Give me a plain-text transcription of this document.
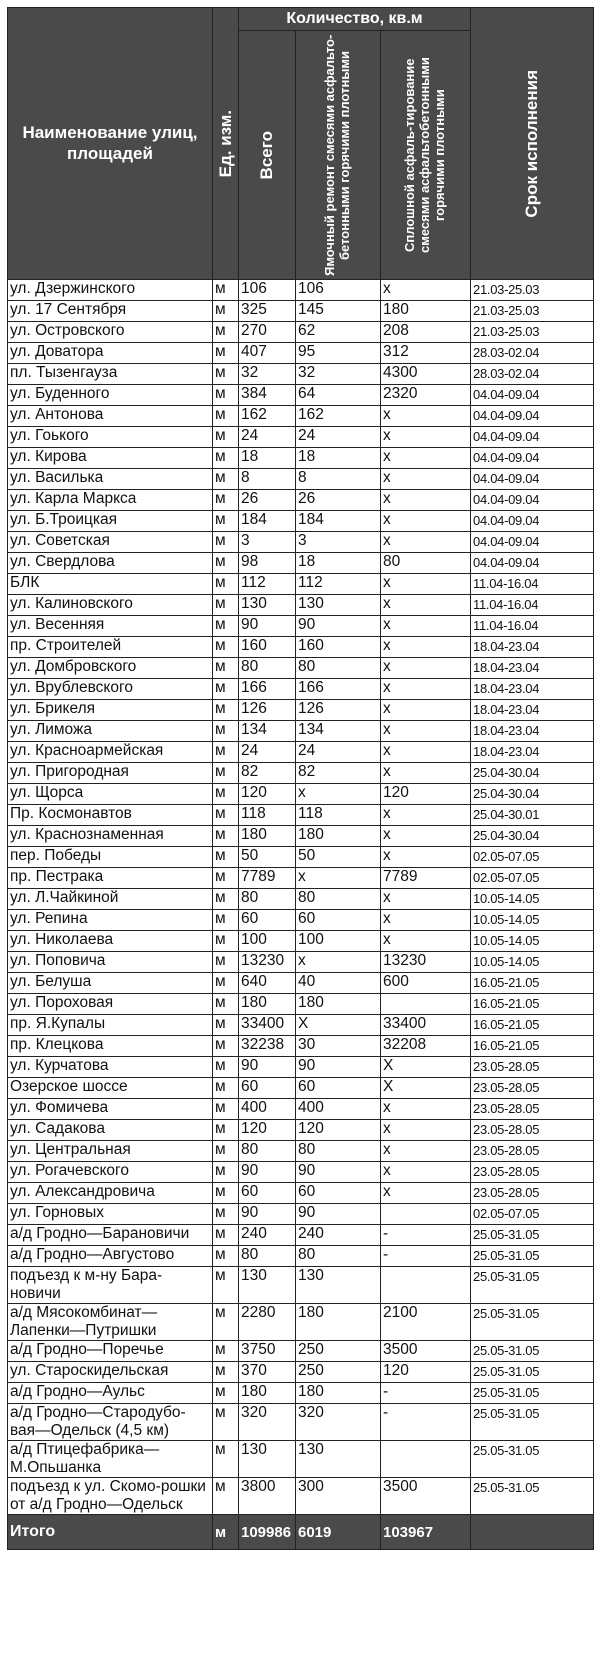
Наименование улиц, площадей	Ед. изм.	Количество, кв.м			Срок исполнения

		Всего	Ямочный ремонт смесями асфальто-бетонными горячими плотными	Сплошной асфаль-тирование смесями асфальтобетонными горячими плотными	

ул. Дзержинского	м	106	106	x	21.03-25.03
ул. 17 Сентября	м	325	145	180	21.03-25.03
ул. Островского	м	270	62	208	21.03-25.03
ул. Доватора	м	407	95	312	28.03-02.04
пл. Тызенгауза	м	32	32	4300	28.03-02.04
ул. Буденного	м	384	64	2320	04.04-09.04
ул. Антонова	м	162	162	x	04.04-09.04
ул. Гоького	м	24	24	x	04.04-09.04
ул. Кирова	м	18	18	x	04.04-09.04
ул. Василька	м	8	8	x	04.04-09.04
ул. Карла Маркса	м	26	26	x	04.04-09.04
ул. Б.Троицкая	м	184	184	x	04.04-09.04
ул. Советская	м	3	3	x	04.04-09.04
ул. Свердлова	м	98	18	80	04.04-09.04
БЛК	м	112	112	x	11.04-16.04
ул. Калиновского	м	130	130	x	11.04-16.04
ул. Весенняя	м	90	90	x	11.04-16.04
пр. Строителей	м	160	160	x	18.04-23.04
ул. Домбровского	м	80	80	x	18.04-23.04
ул. Врублевского	м	166	166	x	18.04-23.04
ул. Брикеля	м	126	126	x	18.04-23.04
ул. Лиможа	м	134	134	x	18.04-23.04
ул. Красноармейская	м	24	24	x	18.04-23.04
ул. Пригородная	м	82	82	x	25.04-30.04
ул. Щорса	м	120	x	120	25.04-30.04
Пр. Космонавтов	м	118	118	x	25.04-30.01
ул. Краснознаменная	м	180	180	x	25.04-30.04
пер. Победы	м	50	50	x	02.05-07.05
пр. Пестрака	м	7789	x	7789	02.05-07.05
ул. Л.Чайкиной	м	80	80	x	10.05-14.05
ул. Репина	м	60	60	x	10.05-14.05
ул. Николаева	м	100	100	x	10.05-14.05
ул. Поповича	м	13230	x	13230	10.05-14.05
ул. Белуша	м	640	40	600	16.05-21.05
ул. Пороховая	м	180	180		16.05-21.05
пр. Я.Купалы	м	33400	X	33400	16.05-21.05
пр. Клецкова	м	32238	30	32208	16.05-21.05
ул. Курчатова	м	90	90	X	23.05-28.05
Озерское шоссе	м	60	60	X	23.05-28.05
ул. Фомичева	м	400	400	x	23.05-28.05
ул. Садакова	м	120	120	x	23.05-28.05
ул. Центральная	м	80	80	x	23.05-28.05
ул. Рогачевского	м	90	90	x	23.05-28.05
ул. Александровича	м	60	60	x	23.05-28.05
ул. Горновых	м	90	90		02.05-07.05
а/д Гродно—Барановичи	м	240	240	-	25.05-31.05
а/д Гродно—Августово	м	80	80	-	25.05-31.05
подъезд к м-ну Бара-новичи	м	130	130		25.05-31.05
а/д Мясокомбинат—Лапенки—Путришки	м	2280	180	2100	25.05-31.05
а/д Гродно—Поречье	м	3750	250	3500	25.05-31.05
ул. Староскидельская	м	370	250	120	25.05-31.05
а/д Гродно—Аульс	м	180	180	-	25.05-31.05
а/д Гродно—Стародубо-вая—Одельск (4,5 км)	м	320	320	-	25.05-31.05
а/д Птицефабрика—М.Опьшанка	м	130	130		25.05-31.05
подъезд к ул. Скомо-рошки от а/д Гродно—Одельск	м	3800	300	3500	25.05-31.05
Итого	м	109986	6019	103967	
